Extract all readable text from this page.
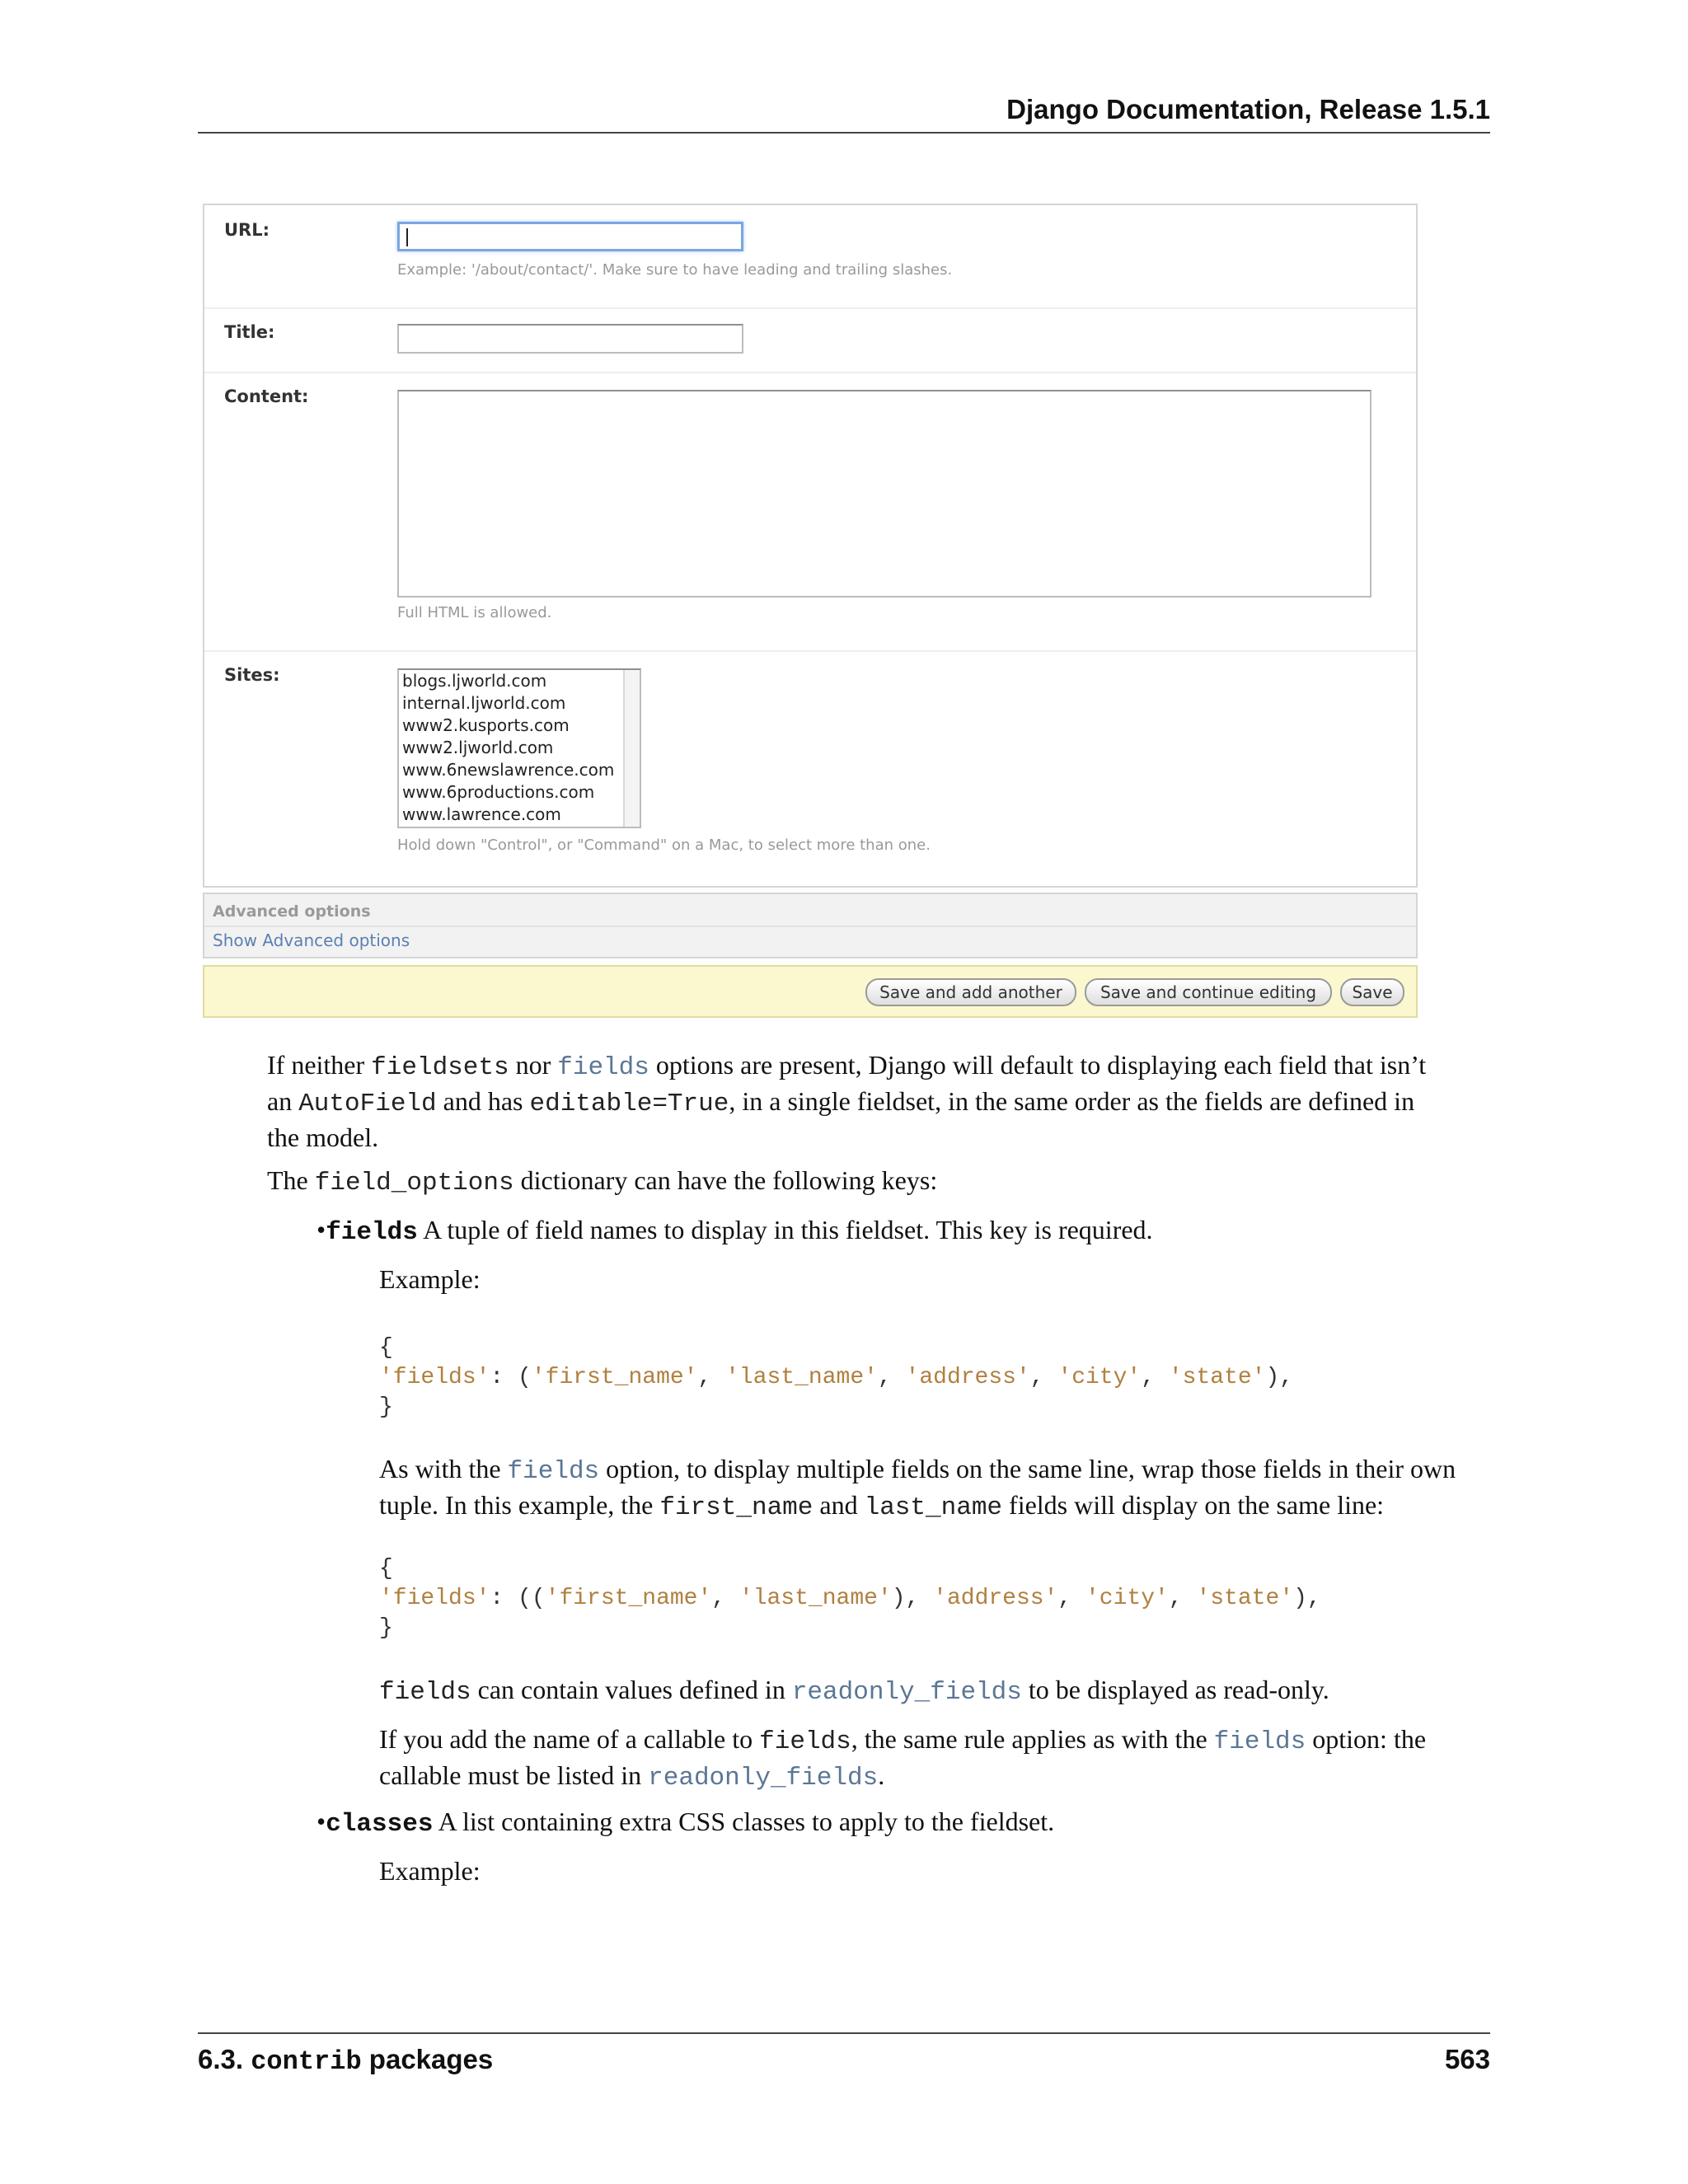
Django Documentation, Release 1.5.1
URL:
Example: '/about/contact/'. Make sure to have leading and trailing slashes.
Title:
Content:
Full HTML is allowed.
Sites:	blogs.ljworld.com
internal.ljworld.com
www2.kusports.com
www2.ljworld.com
www.6newslawrence.com
www.6productions.com
www.lawrence.com
Hold down "Control", or "Command" on a Mac, to select more than one.
Advanced options
Show Advanced options
Save and add another	Save and continue editing	Save
If neither fieldsets nor fields options are present, Django will default to displaying each field that isn’t
an AutoField and has editable=True, in a single fieldset, in the same order as the fields are defined in
the model.
The field_options dictionary can have the following keys:
•fields A tuple of field names to display in this fieldset. This key is required.
Example:
{
'fields': ('first_name', 'last_name', 'address', 'city', 'state'),
}
As with the fields option, to display multiple fields on the same line, wrap those fields in their own
tuple. In this example, the first_name and last_name fields will display on the same line:
{
'fields': (('first_name', 'last_name'), 'address', 'city', 'state'),
}
fields can contain values defined in readonly_fields to be displayed as read-only.
If you add the name of a callable to fields, the same rule applies as with the fields option: the
callable must be listed in readonly_fields.
•classes A list containing extra CSS classes to apply to the fieldset.
Example:
6.3. contrib packages	563
